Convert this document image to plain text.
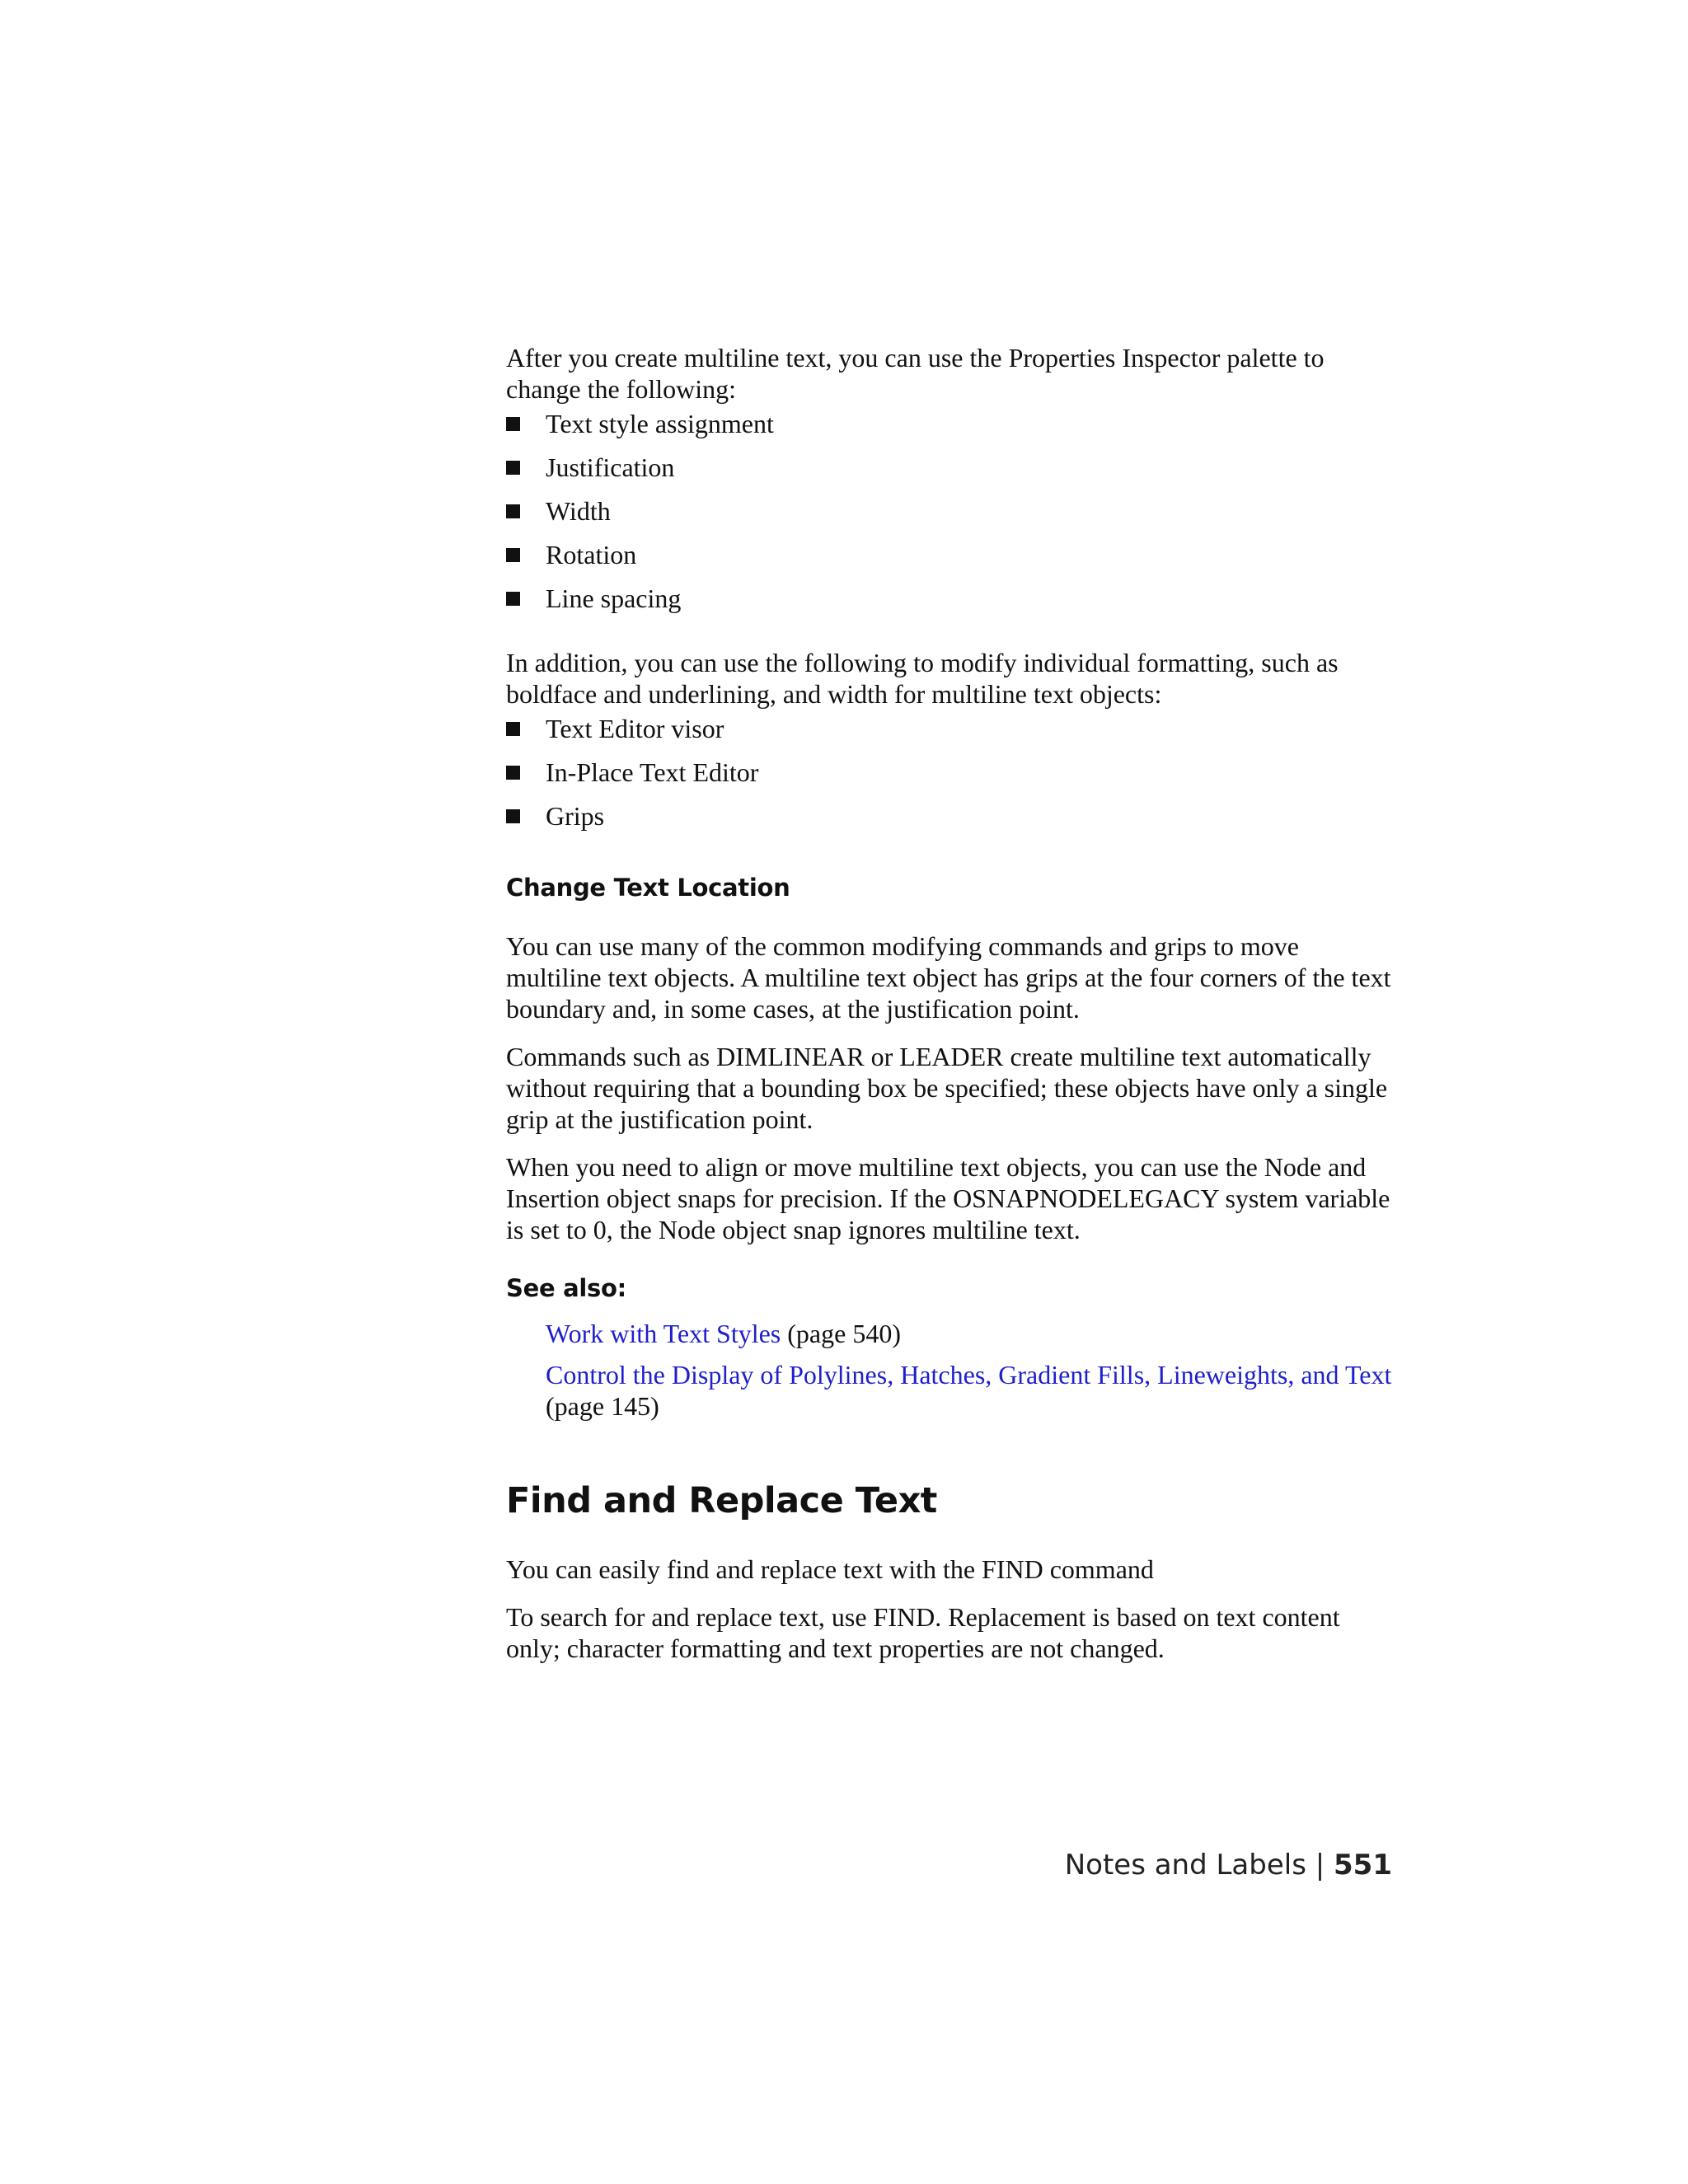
After you create multiline text, you can use the Properties Inspector palette to change the following:

Text style assignment
Justification
Width
Rotation
Line spacing

In addition, you can use the following to modify individual formatting, such as boldface and underlining, and width for multiline text objects:

Text Editor visor
In-Place Text Editor
Grips
Change Text Location

You can use many of the common modifying commands and grips to move multiline text objects. A multiline text object has grips at the four corners of the text boundary and, in some cases, at the justification point.

Commands such as DIMLINEAR or LEADER create multiline text automatically without requiring that a bounding box be specified; these objects have only a single grip at the justification point.

When you need to align or move multiline text objects, you can use the Node and Insertion object snaps for precision. If the OSNAPNODELEGACY system variable is set to 0, the Node object snap ignores multiline text.

See also:

Work with Text Styles (page 540)

Control the Display of Polylines, Hatches, Gradient Fills, Lineweights, and Text (page 145)

Find and Replace Text

You can easily find and replace text with the FIND command

To search for and replace text, use FIND. Replacement is based on text content only; character formatting and text properties are not changed.

Notes and Labels | 551
